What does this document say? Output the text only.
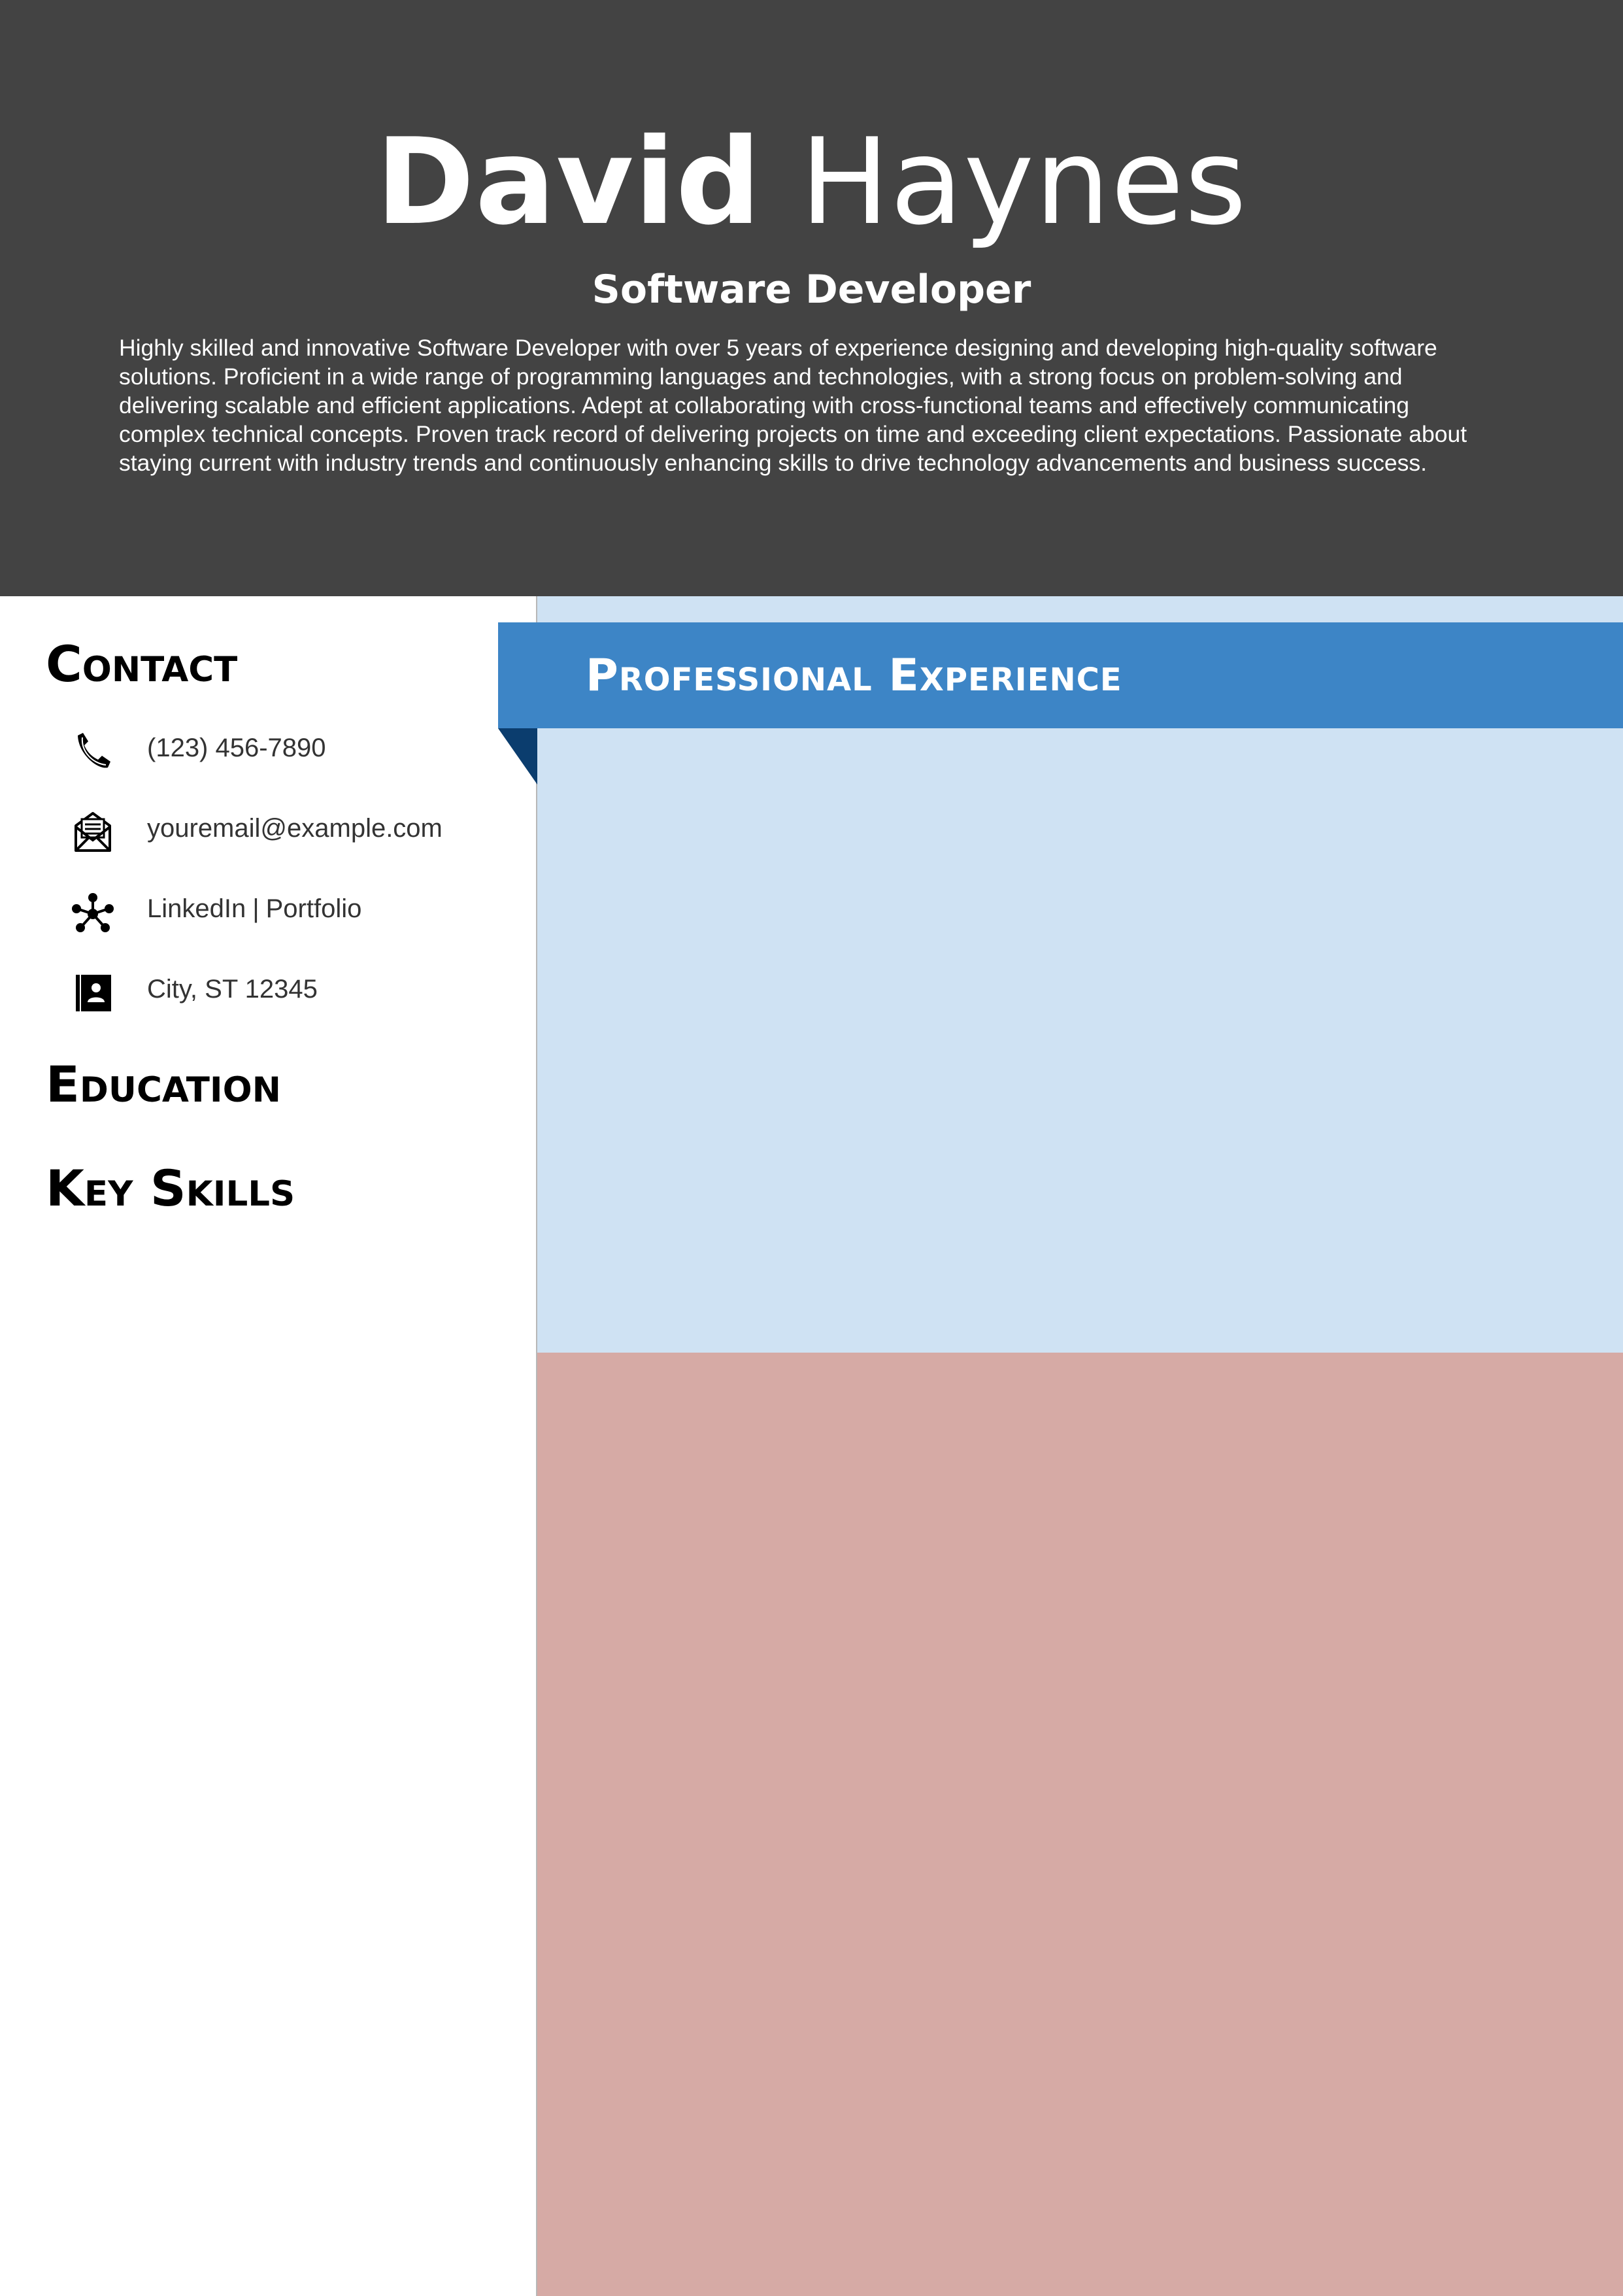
David Haynes
Software Developer
Highly skilled and innovative Software Developer with over 5 years of experience designing and developing high-quality software solutions. Proficient in a wide range of programming languages and technologies, with a strong focus on problem-solving and delivering scalable and efficient applications. Adept at collaborating with cross-functional teams and effectively communicating complex technical concepts. Proven track record of delivering projects on time and exceeding client expectations. Passionate about staying current with industry trends and continuously enhancing skills to drive technology advancements and business success.
Professional Experience
Contact
(123) 456-7890
youremail@example.com
LinkedIn | Portfolio
City, ST 12345
Education
Key Skills
